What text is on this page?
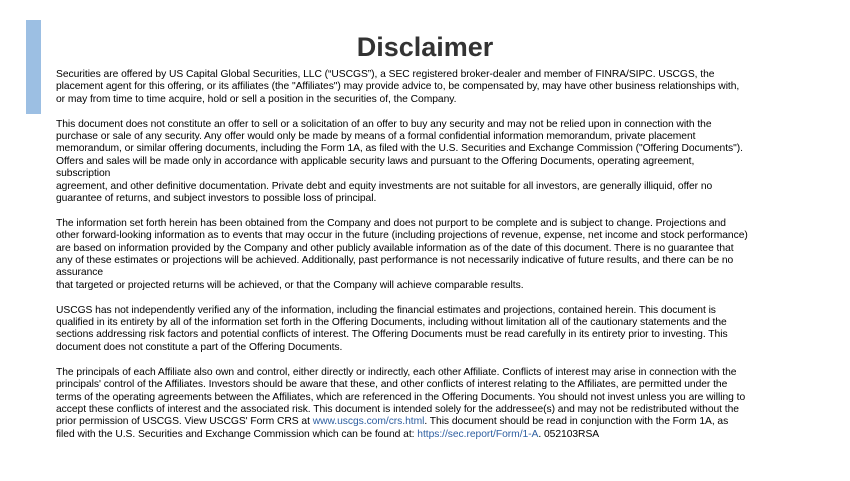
Disclaimer

Securities are offered by US Capital Global Securities, LLC (“USCGS”), a SEC registered broker-dealer and member of FINRA/SIPC. USCGS, the
placement agent for this offering, or its affiliates (the "Affiliates") may provide advice to, be compensated by, may have other business relationships with,
or may from time to time acquire, hold or sell a position in the securities of, the Company.

This document does not constitute an offer to sell or a solicitation of an offer to buy any security and may not be relied upon in connection with the
purchase or sale of any security. Any offer would only be made by means of a formal confidential information memorandum, private placement
memorandum, or similar offering documents, including the Form 1A, as filed with the U.S. Securities and Exchange Commission ("Offering Documents").
Offers and sales will be made only in accordance with applicable security laws and pursuant to the Offering Documents, operating agreement,
subscription
agreement, and other definitive documentation. Private debt and equity investments are not suitable for all investors, are generally illiquid, offer no
guarantee of returns, and subject investors to possible loss of principal.

The information set forth herein has been obtained from the Company and does not purport to be complete and is subject to change. Projections and
other forward-looking information as to events that may occur in the future (including projections of revenue, expense, net income and stock performance)
are based on information provided by the Company and other publicly available information as of the date of this document. There is no guarantee that
any of these estimates or projections will be achieved. Additionally, past performance is not necessarily indicative of future results, and there can be no
assurance
that targeted or projected returns will be achieved, or that the Company will achieve comparable results.

USCGS has not independently verified any of the information, including the financial estimates and projections, contained herein. This document is
qualified in its entirety by all of the information set forth in the Offering Documents, including without limitation all of the cautionary statements and the
sections addressing risk factors and potential conflicts of interest. The Offering Documents must be read carefully in its entirety prior to investing. This
document does not constitute a part of the Offering Documents.

The principals of each Affiliate also own and control, either directly or indirectly, each other Affiliate. Conflicts of interest may arise in connection with the
principals' control of the Affiliates. Investors should be aware that these, and other conflicts of interest relating to the Affiliates, are permitted under the
terms of the operating agreements between the Affiliates, which are referenced in the Offering Documents. You should not invest unless you are willing to
accept these conflicts of interest and the associated risk. This document is intended solely for the addressee(s) and may not be redistributed without the
prior permission of USCGS. View USCGS' Form CRS at www.uscgs.com/crs.html. This document should be read in conjunction with the Form 1A, as
filed with the U.S. Securities and Exchange Commission which can be found at: https://sec.report/Form/1-A. 052103RSA
